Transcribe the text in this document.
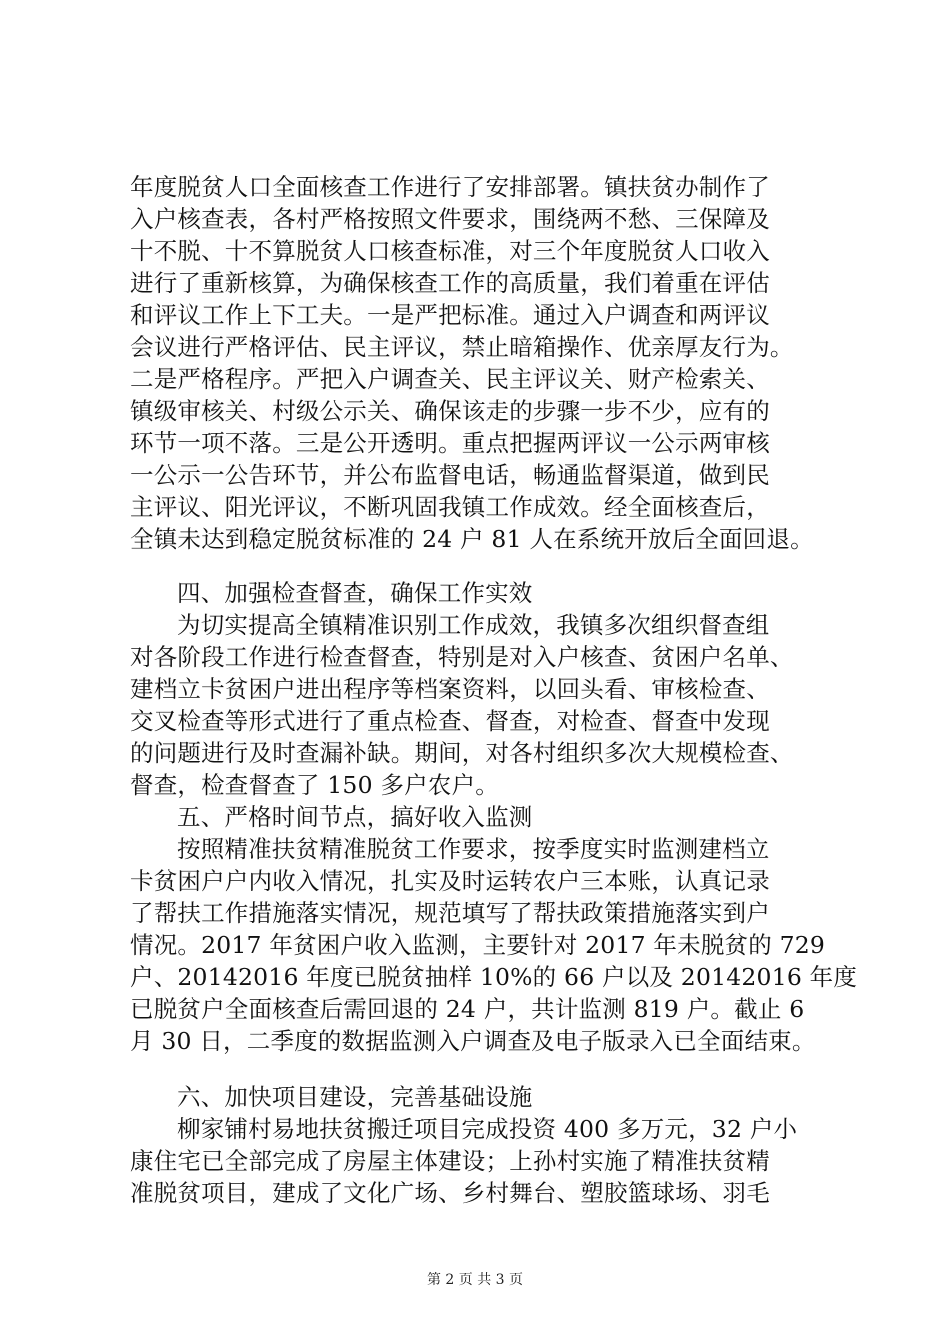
年度脱贫人口全面核查工作进行了安排部署。镇扶贫办制作了
入户核查表，各村严格按照文件要求，围绕两不愁、三保障及
十不脱、十不算脱贫人口核查标准，对三个年度脱贫人口收入
进行了重新核算，为确保核查工作的高质量，我们着重在评估
和评议工作上下工夫。一是严把标准。通过入户调查和两评议
会议进行严格评估、民主评议，禁止暗箱操作、优亲厚友行为。
二是严格程序。严把入户调查关、民主评议关、财产检索关、
镇级审核关、村级公示关、确保该走的步骤一步不少，应有的
环节一项不落。三是公开透明。重点把握两评议一公示两审核
一公示一公告环节，并公布监督电话，畅通监督渠道，做到民
主评议、阳光评议，不断巩固我镇工作成效。经全面核查后，
全镇未达到稳定脱贫标准的 24 户 81 人在系统开放后全面回退。
四、加强检查督查，确保工作实效
为切实提高全镇精准识别工作成效，我镇多次组织督查组
对各阶段工作进行检查督查，特别是对入户核查、贫困户名单、
建档立卡贫困户进出程序等档案资料，以回头看、审核检查、
交叉检查等形式进行了重点检查、督查，对检查、督查中发现
的问题进行及时查漏补缺。期间，对各村组织多次大规模检查、
督查，检查督查了 150 多户农户。
五、严格时间节点，搞好收入监测
按照精准扶贫精准脱贫工作要求，按季度实时监测建档立
卡贫困户户内收入情况，扎实及时运转农户三本账，认真记录
了帮扶工作措施落实情况，规范填写了帮扶政策措施落实到户
情况。2017 年贫困户收入监测，主要针对 2017 年未脱贫的 729
户、20142016 年度已脱贫抽样 10%的 66 户以及 20142016 年度
已脱贫户全面核查后需回退的 24 户，共计监测 819 户。截止 6
月 30 日，二季度的数据监测入户调查及电子版录入已全面结束。
六、加快项目建设，完善基础设施
柳家铺村易地扶贫搬迁项目完成投资 400 多万元，32 户小
康住宅已全部完成了房屋主体建设；上孙村实施了精准扶贫精
准脱贫项目，建成了文化广场、乡村舞台、塑胶篮球场、羽毛
第 2 页 共 3 页
